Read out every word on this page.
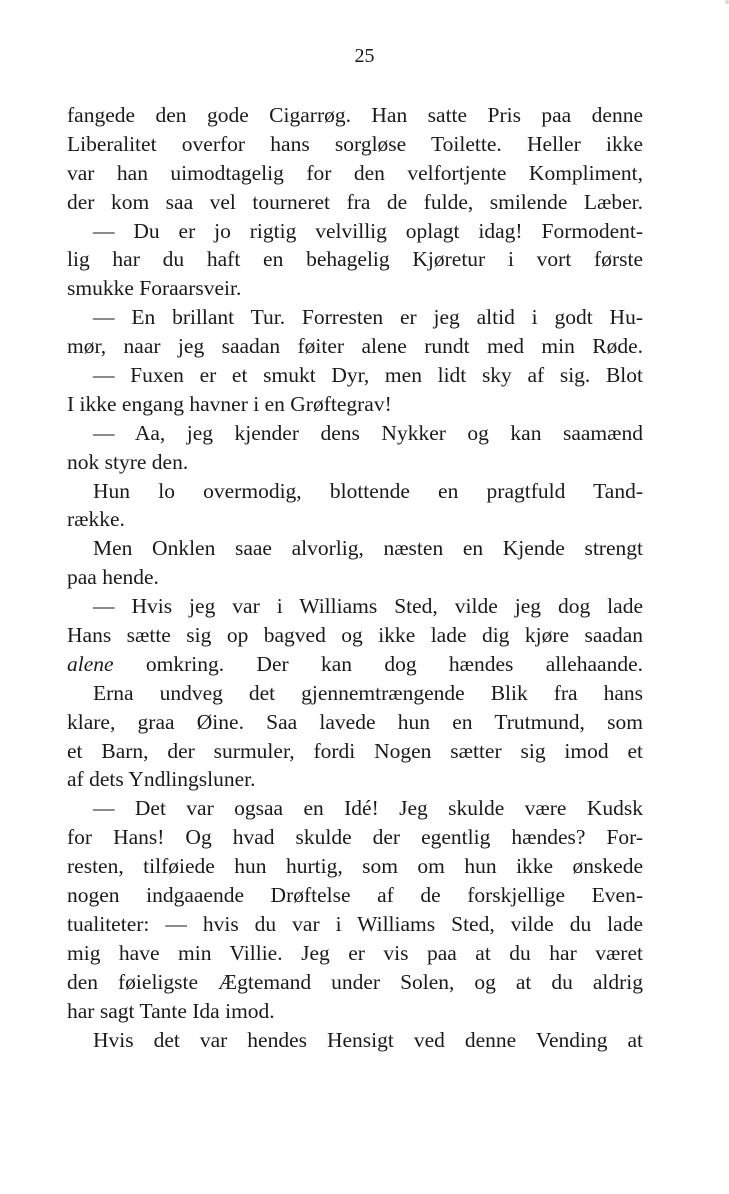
25
fangede den gode Cigarrøg. Han satte Pris paa denne
Liberalitet overfor hans sorgløse Toilette. Heller ikke
var han uimodtagelig for den velfortjente Kompliment,
der kom saa vel tourneret fra de fulde, smilende Læber.
— Du er jo rigtig velvillig oplagt idag! Formodent-
lig har du haft en behagelig Kjøretur i vort første
smukke Foraarsveir.
— En brillant Tur. Forresten er jeg altid i godt Hu-
mør, naar jeg saadan føiter alene rundt med min Røde.
— Fuxen er et smukt Dyr, men lidt sky af sig. Blot
I ikke engang havner i en Grøftegrav!
— Aa, jeg kjender dens Nykker og kan saamænd
nok styre den.
Hun lo overmodig, blottende en pragtfuld Tand-
række.
Men Onklen saae alvorlig, næsten en Kjende strengt
paa hende.
— Hvis jeg var i Williams Sted, vilde jeg dog lade
Hans sætte sig op bagved og ikke lade dig kjøre saadan
alene omkring. Der kan dog hændes allehaande.
Erna undveg det gjennemtrængende Blik fra hans
klare, graa Øine. Saa lavede hun en Trutmund, som
et Barn, der surmuler, fordi Nogen sætter sig imod et
af dets Yndlingsluner.
— Det var ogsaa en Idé! Jeg skulde være Kudsk
for Hans! Og hvad skulde der egentlig hændes? For-
resten, tilføiede hun hurtig, som om hun ikke ønskede
nogen indgaaende Drøftelse af de forskjellige Even-
tualiteter: — hvis du var i Williams Sted, vilde du lade
mig have min Villie. Jeg er vis paa at du har været
den føieligste Ægtemand under Solen, og at du aldrig
har sagt Tante Ida imod.
Hvis det var hendes Hensigt ved denne Vending at
